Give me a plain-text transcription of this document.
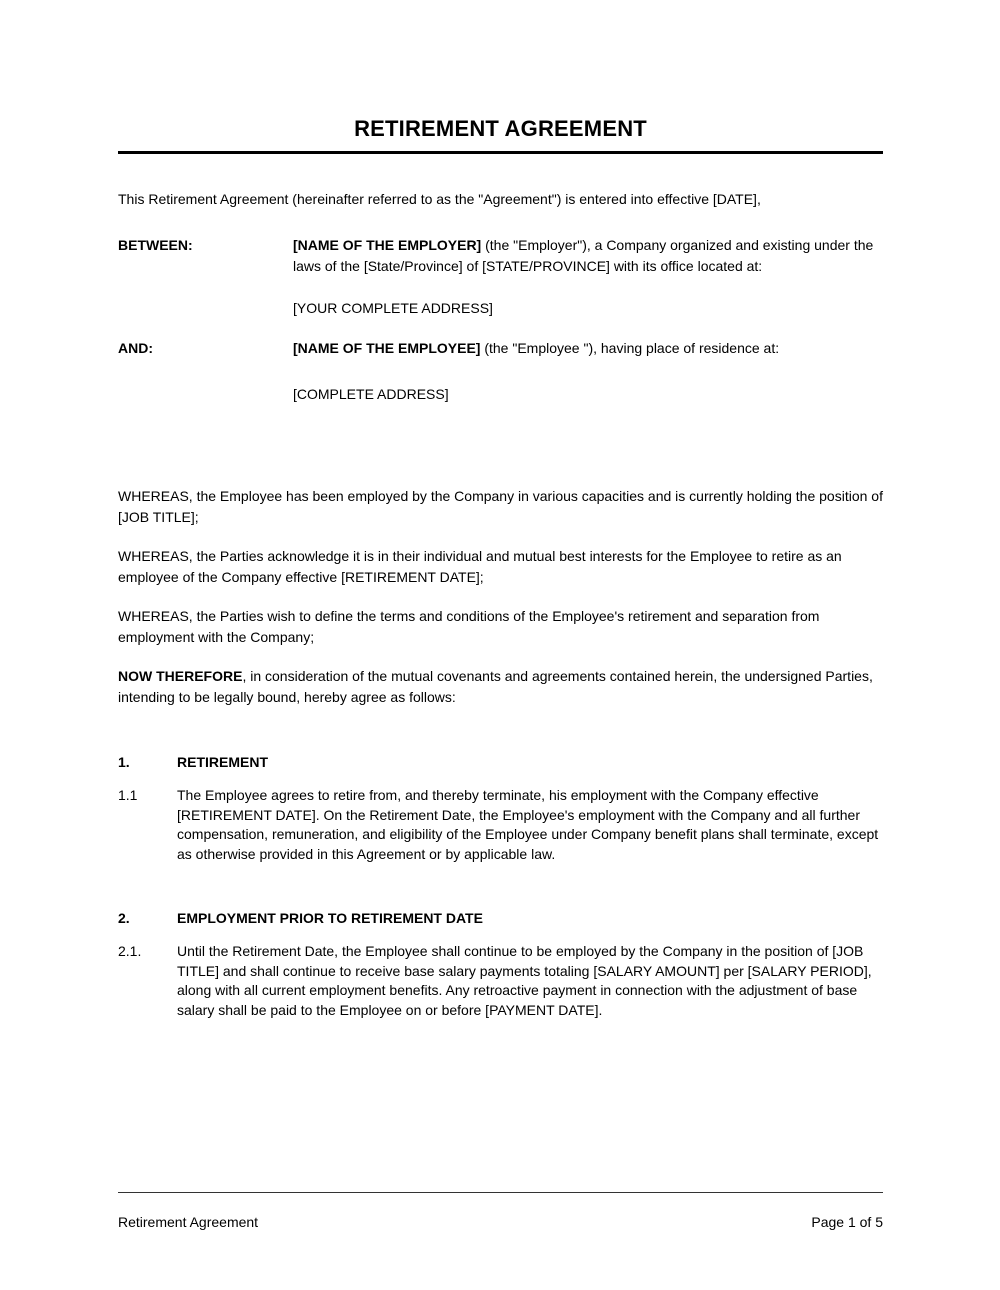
RETIREMENT AGREEMENT

This Retirement Agreement (hereinafter referred to as the "Agreement") is entered into effective [DATE],

BETWEEN:	[NAME OF THE EMPLOYER] (the "Employer"), a Company organized and existing under the laws of the [State/Province] of [STATE/PROVINCE] with its office located at:

[YOUR COMPLETE ADDRESS]

AND:	[NAME OF THE EMPLOYEE] (the "Employee "), having place of residence at:

[COMPLETE ADDRESS]

WHEREAS, the Employee has been employed by the Company in various capacities and is currently holding the position of [JOB TITLE];

WHEREAS, the Parties acknowledge it is in their individual and mutual best interests for the Employee to retire as an employee of the Company effective [RETIREMENT DATE];

WHEREAS, the Parties wish to define the terms and conditions of the Employee's retirement and separation from employment with the Company;

NOW THEREFORE, in consideration of the mutual covenants and agreements contained herein, the undersigned Parties, intending to be legally bound, hereby agree as follows:

1.	RETIREMENT
1.1	The Employee agrees to retire from, and thereby terminate, his employment with the Company effective [RETIREMENT DATE]. On the Retirement Date, the Employee's employment with the Company and all further compensation, remuneration, and eligibility of the Employee under Company benefit plans shall terminate, except as otherwise provided in this Agreement or by applicable law.
2.	EMPLOYMENT PRIOR TO RETIREMENT DATE
2.1.	Until the Retirement Date, the Employee shall continue to be employed by the Company in the position of [JOB TITLE] and shall continue to receive base salary payments totaling [SALARY AMOUNT] per [SALARY PERIOD], along with all current employment benefits. Any retroactive payment in connection with the adjustment of base salary shall be paid to the Employee on or before [PAYMENT DATE].
Retirement Agreement	Page 1 of 5
